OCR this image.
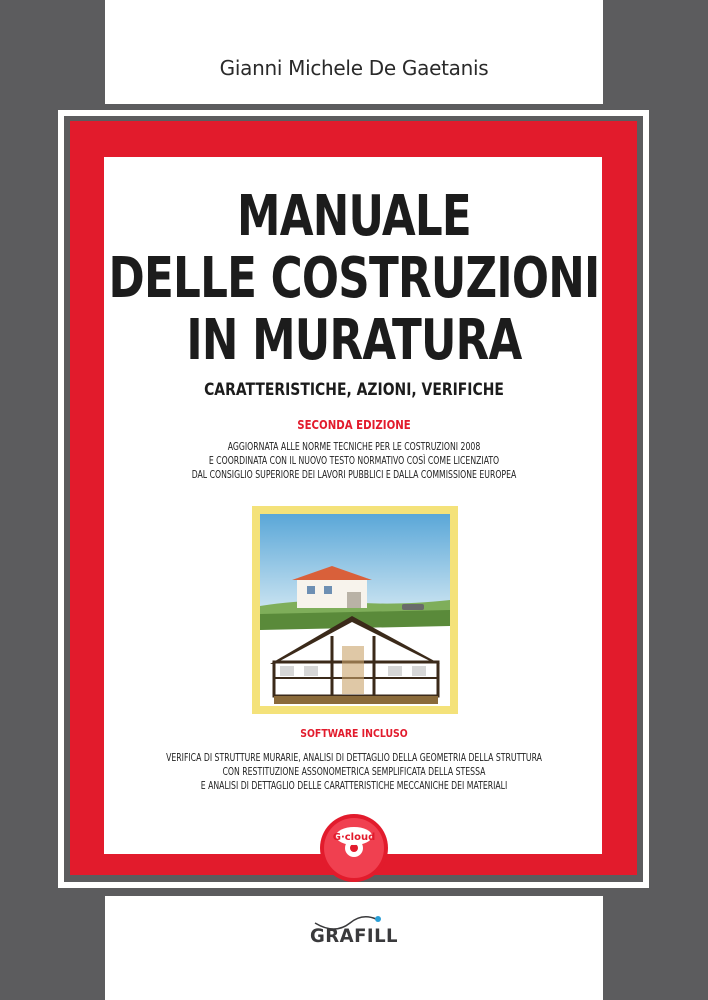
Gianni Michele De Gaetanis
MANUALE
DELLE COSTRUZIONI
IN MURATURA
CARATTERISTICHE, AZIONI, VERIFICHE
SECONDA EDIZIONE
AGGIORNATA ALLE NORME TECNICHE PER LE COSTRUZIONI 2008
E COORDINATA CON IL NUOVO TESTO NORMATIVO COSÌ COME LICENZIATO
DAL CONSIGLIO SUPERIORE DEI LAVORI PUBBLICI E DALLA COMMISSIONE EUROPEA
SOFTWARE INCLUSO
VERIFICA DI STRUTTURE MURARIE, ANALISI DI DETTAGLIO DELLA GEOMETRIA DELLA STRUTTURA
CON RESTITUZIONE ASSONOMETRICA SEMPLIFICATA DELLA STESSA
E ANALISI DI DETTAGLIO DELLE CARATTERISTICHE MECCANICHE DEI MATERIALI
G·cloud
GRAFILL
